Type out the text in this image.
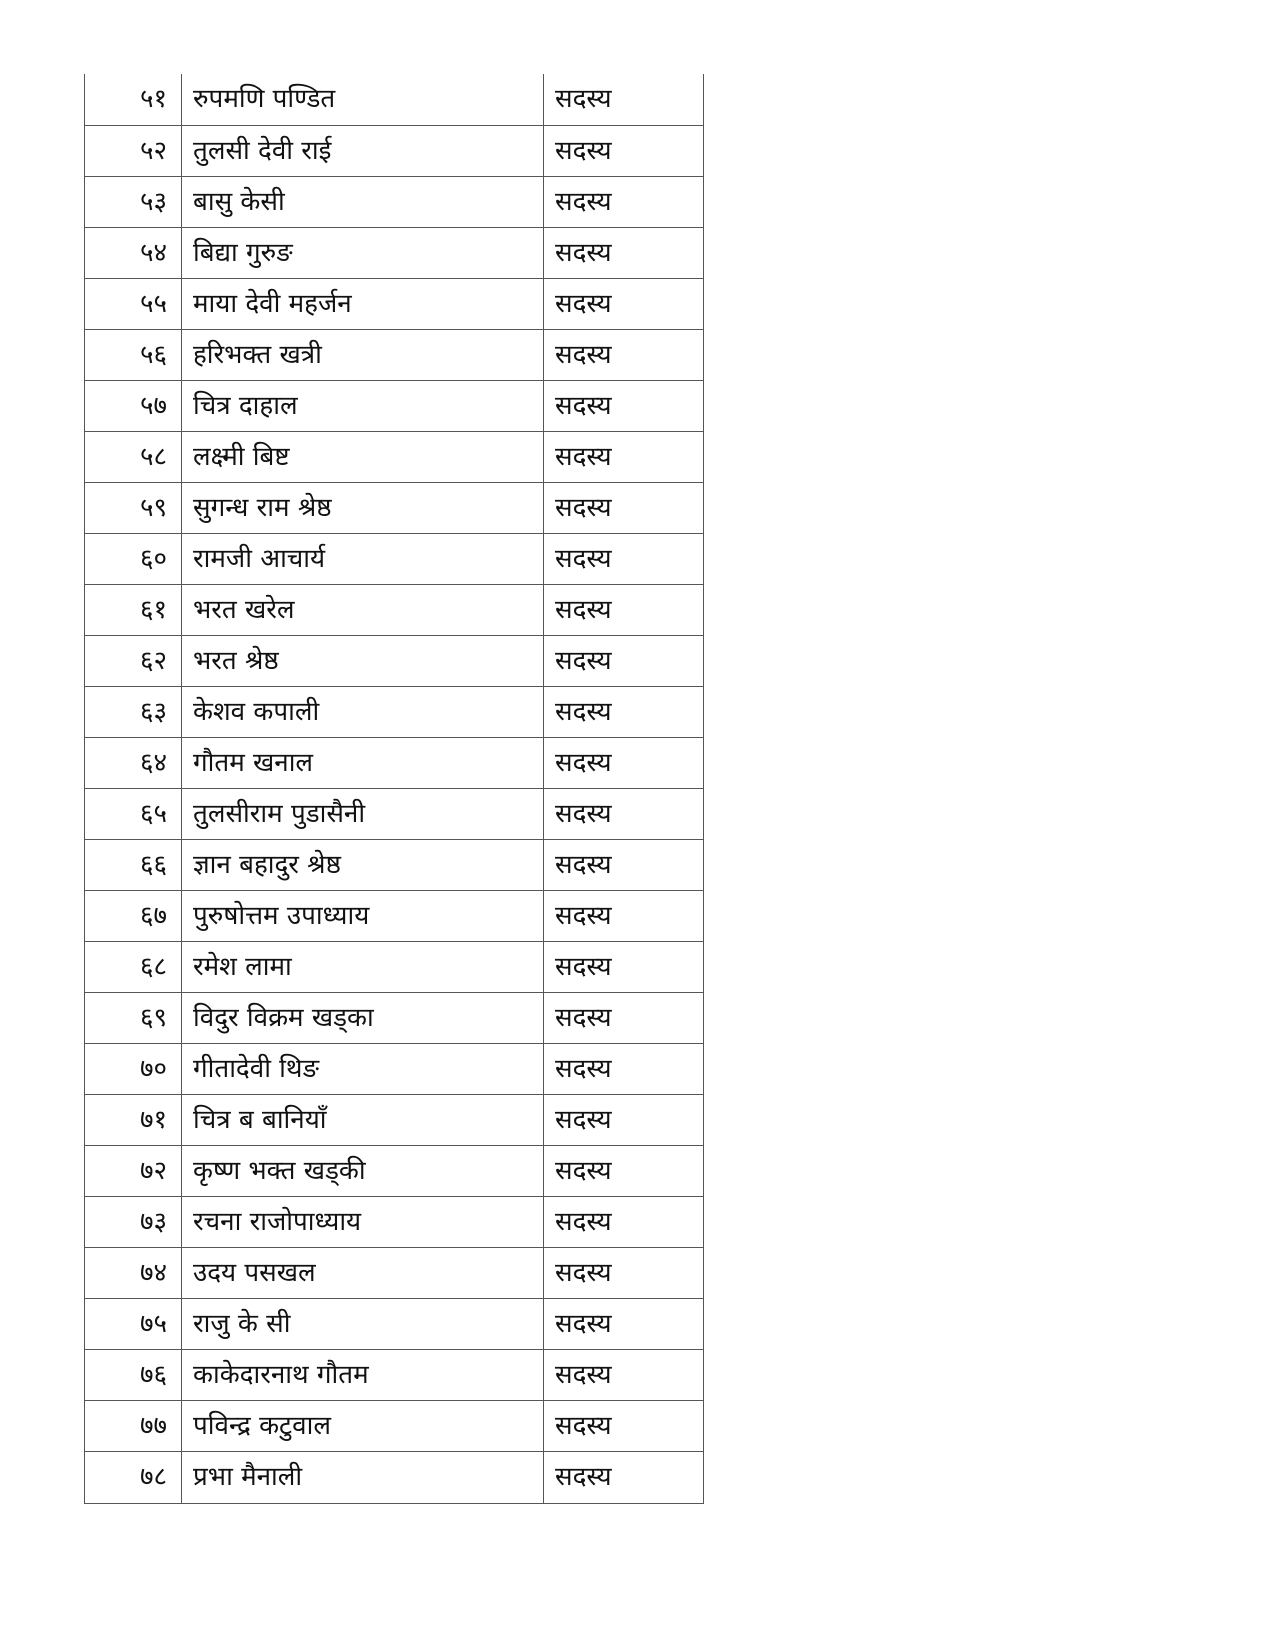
५१	रुपमणि पण्डित	सदस्य
५२	तुलसी देवी राई	सदस्य
५३	बासु केसी	सदस्य
५४	बिद्या गुरुङ	सदस्य
५५	माया देवी महर्जन	सदस्य
५६	हरिभक्त खत्री	सदस्य
५७	चित्र दाहाल	सदस्य
५८	लक्ष्मी बिष्ट	सदस्य
५९	सुगन्ध राम श्रेष्ठ	सदस्य
६०	रामजी आचार्य	सदस्य
६१	भरत खरेल	सदस्य
६२	भरत श्रेष्ठ	सदस्य
६३	केशव कपाली	सदस्य
६४	गौतम खनाल	सदस्य
६५	तुलसीराम पुडासैनी	सदस्य
६६	ज्ञान बहादुर श्रेष्ठ	सदस्य
६७	पुरुषोत्तम उपाध्याय	सदस्य
६८	रमेश लामा	सदस्य
६९	विदुर विक्रम खड्का	सदस्य
७०	गीतादेवी थिङ	सदस्य
७१	चित्र ब बानियाँ	सदस्य
७२	कृष्ण भक्त खड्की	सदस्य
७३	रचना राजोपाध्याय	सदस्य
७४	उदय पसखल	सदस्य
७५	राजु के सी	सदस्य
७६	काकेदारनाथ गौतम	सदस्य
७७	पविन्द्र कटुवाल	सदस्य
७८	प्रभा मैनाली	सदस्य
